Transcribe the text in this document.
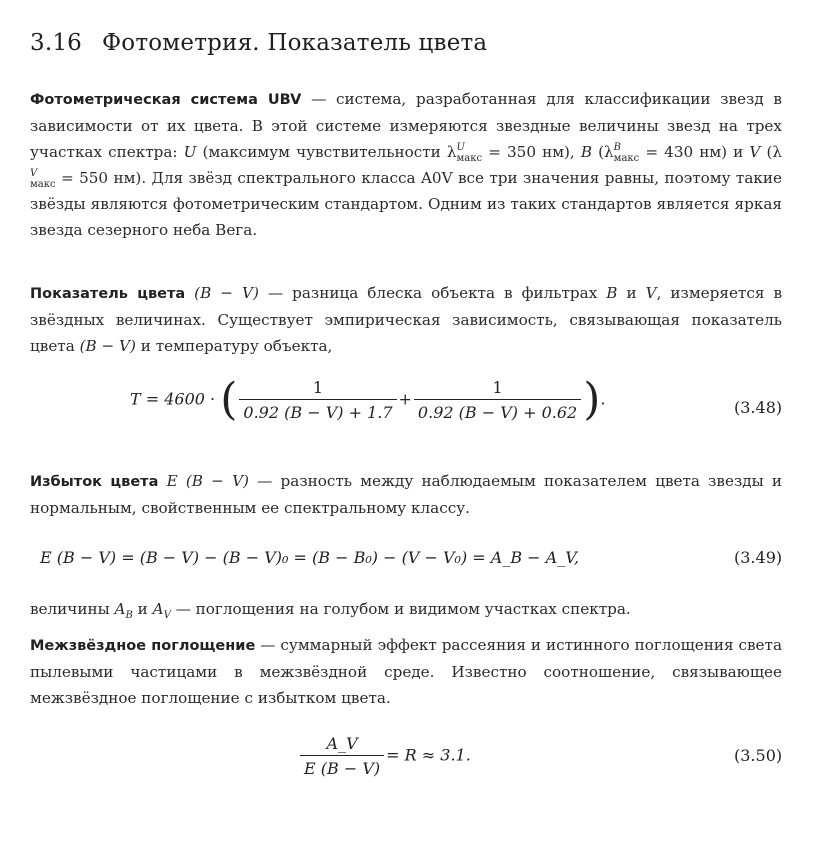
3.16 Фотометрия. Показатель цвета
Фотометрическая система UBV — система, разработанная для классификации звезд в зависимости от их цвета. В этой системе измеряются звездные величины звезд на трех участках спектра: U (максимум чувствительности λ U
макс = 350 нм), B (λ B
макс = 430 нм) и V (λ
V
макс = 550 нм). Для звёзд спектрального класса A0V все три значения равны, поэтому такие звёзды являются фотометрическим стандартом. Одним из таких стандартов является яркая звезда сезерного неба Вега.
Показатель цвета (B − V) — разница блеска объекта в фильтрах B и V, измеряется в звёздных величинах. Существует эмпирическая зависимость, связывающая показатель цвета (B − V) и температуру объекта,
T = 4600 · ( $\frac{1}{0.92 (B - V) + 1.7} + \frac{1}{0.92 (B - V) + 0.62}$ ).	(3.48)
Избыток цвета E (B − V) — разность между наблюдаемым показателем цвета звезды и нормальным, свойственным ее спектральному классу.
E (B − V) = (B − V) − (B − V)₀ = (B − B₀) − (V − V₀) = A_B − A_V,	(3.49)
величины $A_B$ и $A_V$ — поглощения на голубом и видимом участках спектра.
Межзвёздное поглощение — суммарный эффект рассеяния и истинного поглощения света пылевыми частицами в межзвёздной среде. Известно соотношение, связывающее межзвёздное поглощение с избытком цвета.
$\frac{A\_V}{E (B - V)} = R \approx 3.1$.	(3.50)
